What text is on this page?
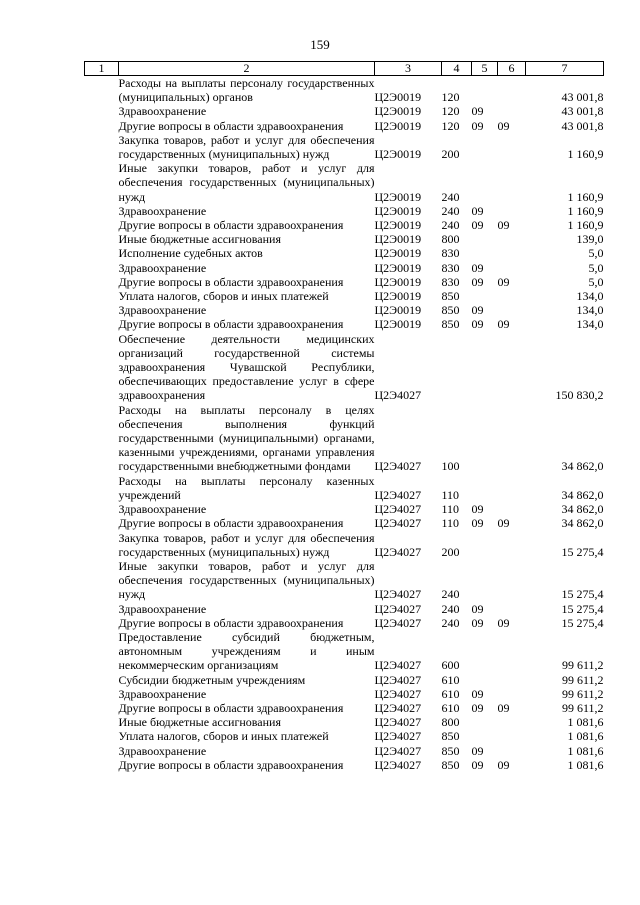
159
1	2	3	4	5	6	7
	Расходы на выплаты персоналу государственных (муниципальных) органов	Ц2Э0019	120			43 001,8
	Здравоохранение	Ц2Э0019	120	09		43 001,8
	Другие вопросы в области здравоохранения	Ц2Э0019	120	09	09	43 001,8
	Закупка товаров, работ и услуг для обеспечения государственных (муниципальных) нужд	Ц2Э0019	200			1 160,9
	Иные закупки товаров, работ и услуг для обеспечения государственных (муниципальных) нужд	Ц2Э0019	240			1 160,9
	Здравоохранение	Ц2Э0019	240	09		1 160,9
	Другие вопросы в области здравоохранения	Ц2Э0019	240	09	09	1 160,9
	Иные бюджетные ассигнования	Ц2Э0019	800			139,0
	Исполнение судебных актов	Ц2Э0019	830			5,0
	Здравоохранение	Ц2Э0019	830	09		5,0
	Другие вопросы в области здравоохранения	Ц2Э0019	830	09	09	5,0
	Уплата налогов, сборов и иных платежей	Ц2Э0019	850			134,0
	Здравоохранение	Ц2Э0019	850	09		134,0
	Другие вопросы в области здравоохранения	Ц2Э0019	850	09	09	134,0
	Обеспечение деятельности медицинских организаций государственной системы здравоохранения Чувашской Республики, обеспечивающих предоставление услуг в сфере здравоохранения	Ц2Э4027				150 830,2
	Расходы на выплаты персоналу в целях обеспечения выполнения функций государственными (муниципальными) органами, казенными учреждениями, органами управления государственными внебюджетными фондами	Ц2Э4027	100			34 862,0
	Расходы на выплаты персоналу казенных учреждений	Ц2Э4027	110			34 862,0
	Здравоохранение	Ц2Э4027	110	09		34 862,0
	Другие вопросы в области здравоохранения	Ц2Э4027	110	09	09	34 862,0
	Закупка товаров, работ и услуг для обеспечения государственных (муниципальных) нужд	Ц2Э4027	200			15 275,4
	Иные закупки товаров, работ и услуг для обеспечения государственных (муниципальных) нужд	Ц2Э4027	240			15 275,4
	Здравоохранение	Ц2Э4027	240	09		15 275,4
	Другие вопросы в области здравоохранения	Ц2Э4027	240	09	09	15 275,4
	Предоставление субсидий бюджетным, автономным учреждениям и иным некоммерческим организациям	Ц2Э4027	600			99 611,2
	Субсидии бюджетным учреждениям	Ц2Э4027	610			99 611,2
	Здравоохранение	Ц2Э4027	610	09		99 611,2
	Другие вопросы в области здравоохранения	Ц2Э4027	610	09	09	99 611,2
	Иные бюджетные ассигнования	Ц2Э4027	800			1 081,6
	Уплата налогов, сборов и иных платежей	Ц2Э4027	850			1 081,6
	Здравоохранение	Ц2Э4027	850	09		1 081,6
	Другие вопросы в области здравоохранения	Ц2Э4027	850	09	09	1 081,6
